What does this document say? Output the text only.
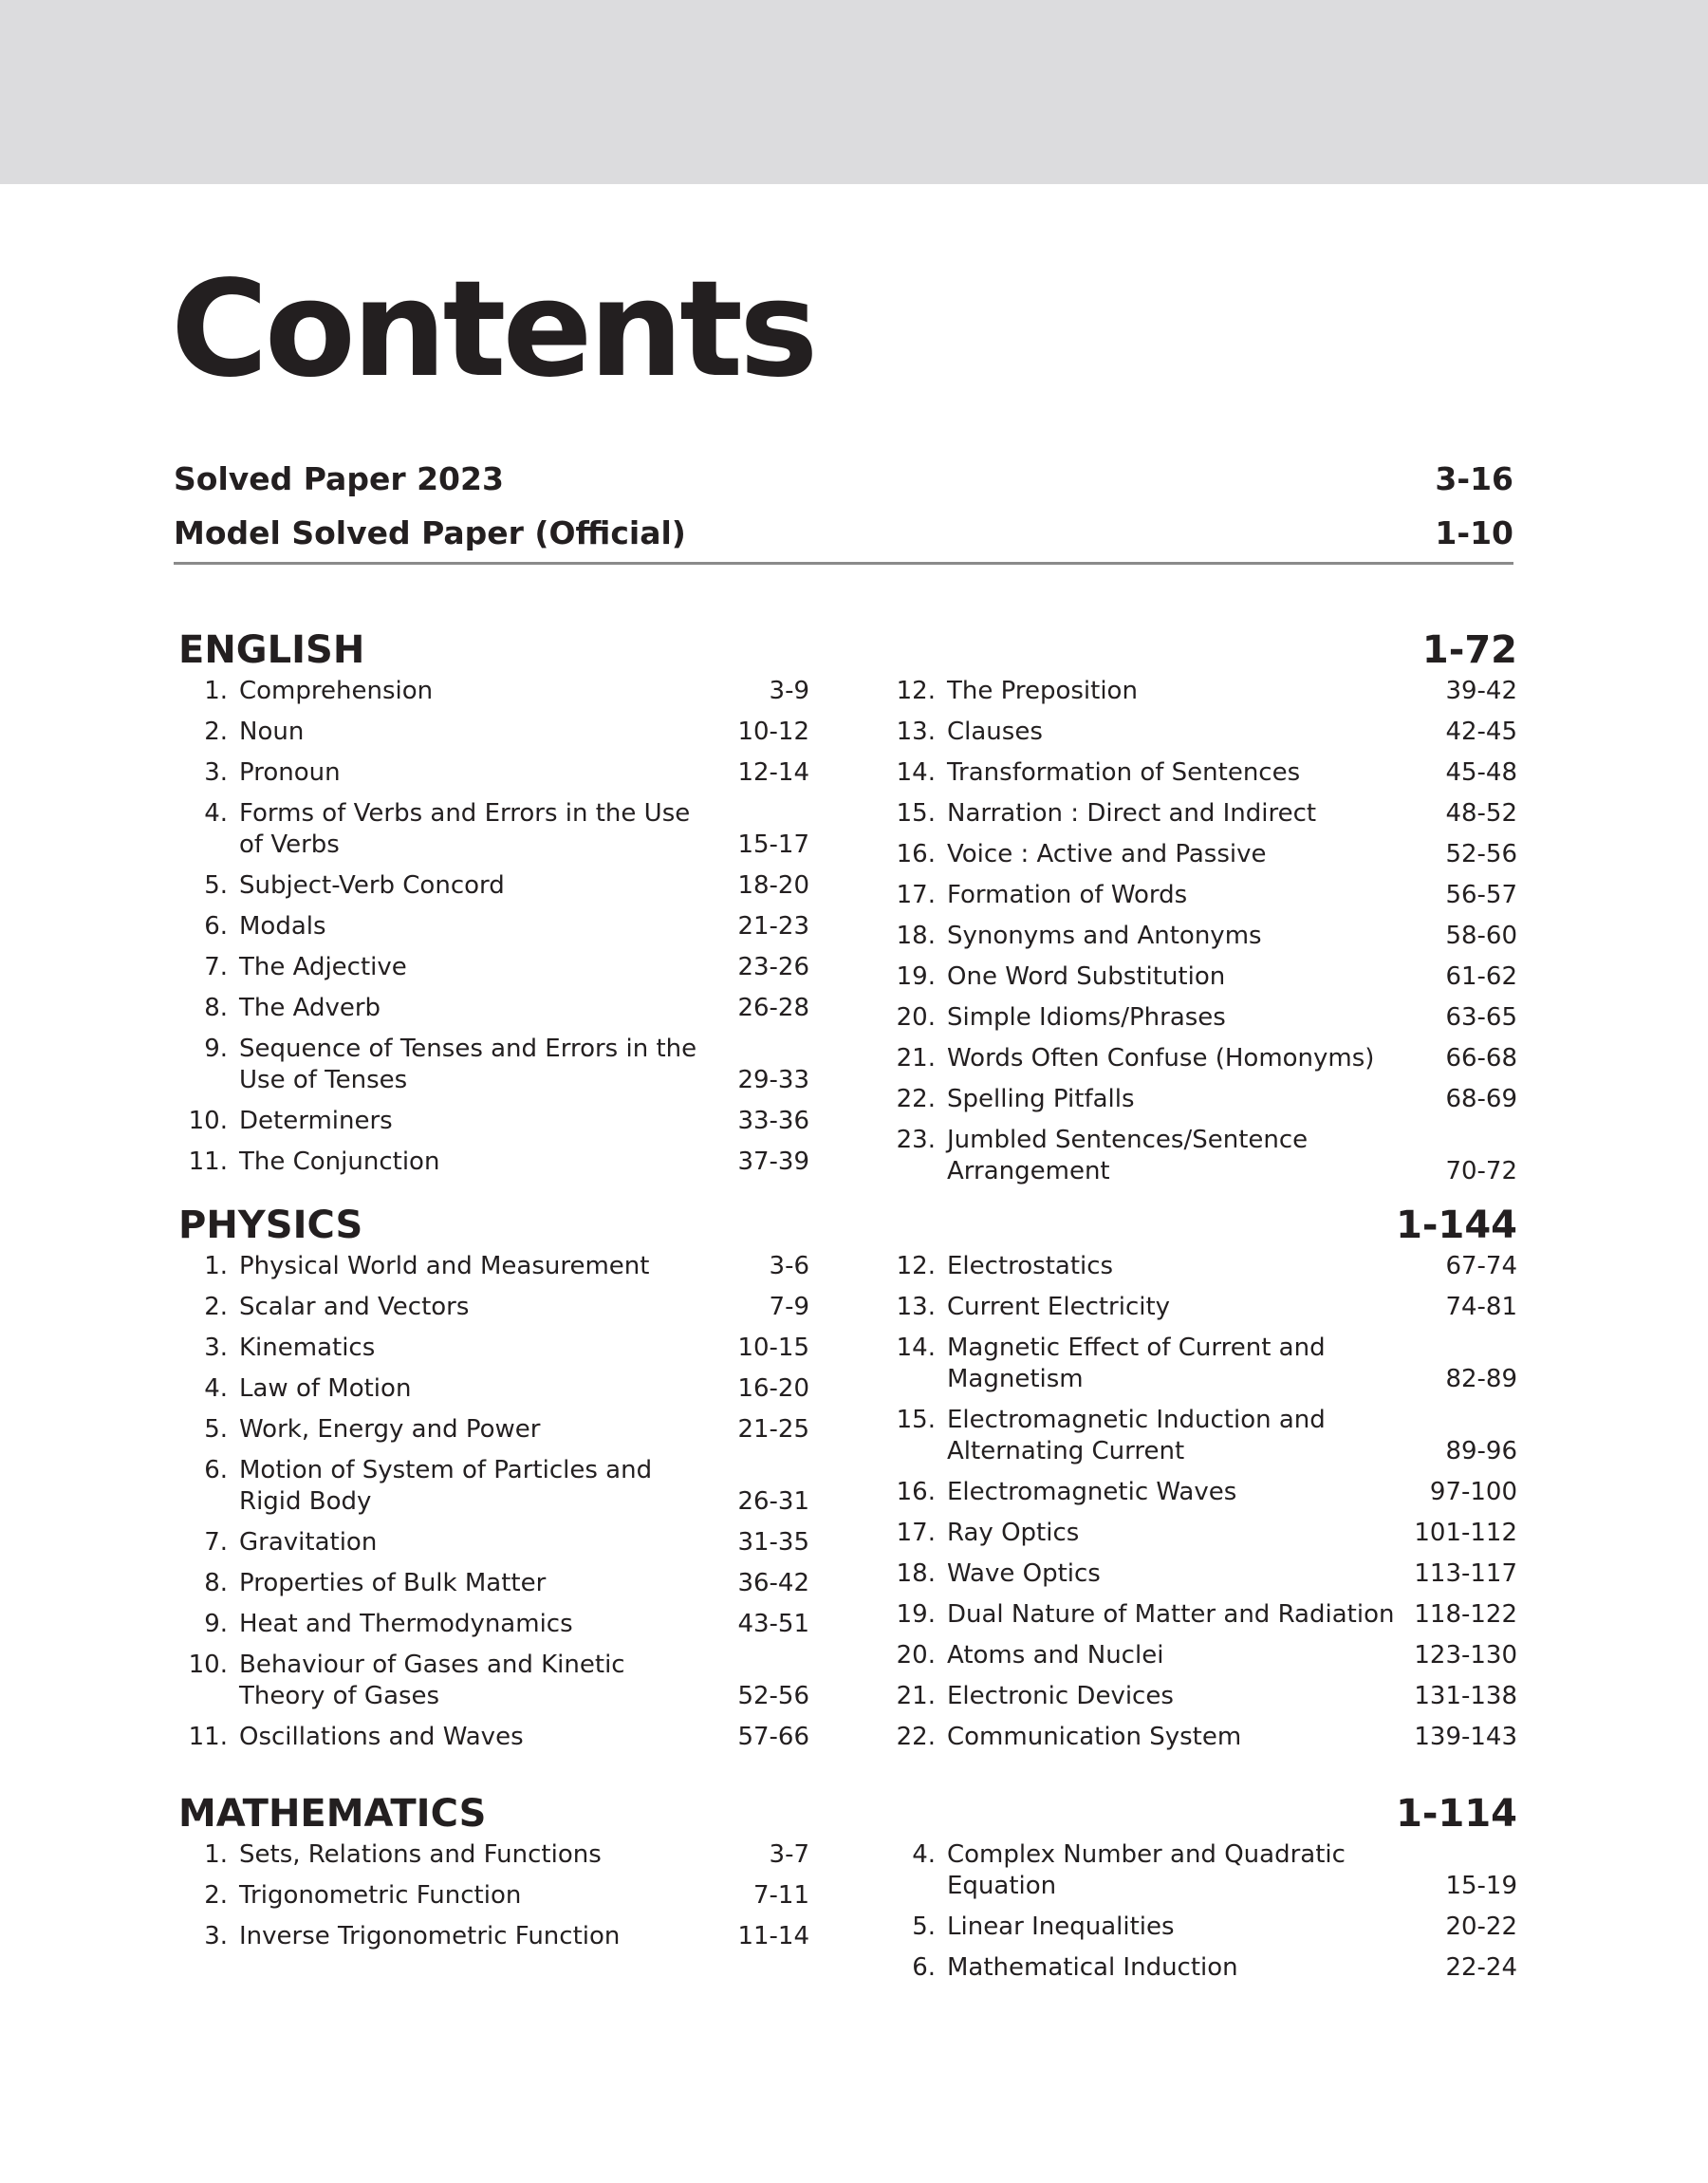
Contents
Solved Paper 2023	3-16
Model Solved Paper (Official)	1-10
ENGLISH	1-72
1. Comprehension	3-9
2. Noun	10-12
3. Pronoun	12-14
4. Forms of Verbs and Errors in the Use of Verbs	15-17
5. Subject-Verb Concord	18-20
6. Modals	21-23
7. The Adjective	23-26
8. The Adverb	26-28
9. Sequence of Tenses and Errors in the Use of Tenses	29-33
10. Determiners	33-36
11. The Conjunction	37-39
12. The Preposition	39-42
13. Clauses	42-45
14. Transformation of Sentences	45-48
15. Narration : Direct and Indirect	48-52
16. Voice : Active and Passive	52-56
17. Formation of Words	56-57
18. Synonyms and Antonyms	58-60
19. One Word Substitution	61-62
20. Simple Idioms/Phrases	63-65
21. Words Often Confuse (Homonyms)	66-68
22. Spelling Pitfalls	68-69
23. Jumbled Sentences/Sentence Arrangement	70-72
PHYSICS	1-144
1. Physical World and Measurement	3-6
2. Scalar and Vectors	7-9
3. Kinematics	10-15
4. Law of Motion	16-20
5. Work, Energy and Power	21-25
6. Motion of System of Particles and Rigid Body	26-31
7. Gravitation	31-35
8. Properties of Bulk Matter	36-42
9. Heat and Thermodynamics	43-51
10. Behaviour of Gases and Kinetic Theory of Gases	52-56
11. Oscillations and Waves	57-66
12. Electrostatics	67-74
13. Current Electricity	74-81
14. Magnetic Effect of Current and Magnetism	82-89
15. Electromagnetic Induction and Alternating Current	89-96
16. Electromagnetic Waves	97-100
17. Ray Optics	101-112
18. Wave Optics	113-117
19. Dual Nature of Matter and Radiation 118-122
20. Atoms and Nuclei	123-130
21. Electronic Devices	131-138
22. Communication System	139-143
MATHEMATICS	1-114
1. Sets, Relations and Functions	3-7
2. Trigonometric Function	7-11
3. Inverse Trigonometric Function	11-14
4. Complex Number and Quadratic Equation	15-19
5. Linear Inequalities	20-22
6. Mathematical Induction	22-24
